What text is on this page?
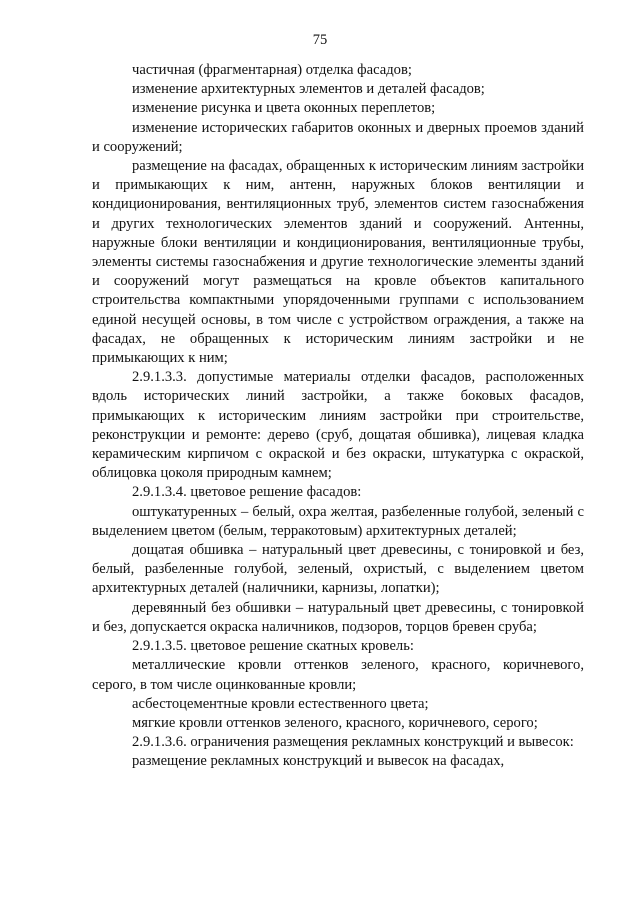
75

частичная (фрагментарная) отделка фасадов;

изменение архитектурных элементов и деталей фасадов;

изменение рисунка и цвета оконных переплетов;

изменение исторических габаритов оконных и дверных проемов зданий и сооружений;

размещение на фасадах, обращенных к историческим линиям застройки и примыкающих к ним, антенн, наружных блоков вентиляции и кондиционирования, вентиляционных труб, элементов систем газоснабжения и других технологических элементов зданий и сооружений. Антенны, наружные блоки вентиляции и кондиционирования, вентиляционные трубы, элементы системы газоснабжения и другие технологические элементы зданий и сооружений могут размещаться на кровле объектов капитального строительства компактными упорядоченными группами с использованием единой несущей основы, в том числе с устройством ограждения, а также на фасадах, не обращенных к историческим линиям застройки и не примыкающих к ним;

2.9.1.3.3. допустимые материалы отделки фасадов, расположенных вдоль исторических линий застройки, а также боковых фасадов, примыкающих к историческим линиям застройки при строительстве, реконструкции и ремонте: дерево (сруб, дощатая обшивка), лицевая кладка керамическим кирпичом с окраской и без окраски, штукатурка с окраской, облицовка цоколя природным камнем;

2.9.1.3.4. цветовое решение фасадов:

оштукатуренных – белый, охра желтая, разбеленные голубой, зеленый с выделением цветом (белым, терракотовым) архитектурных деталей;

дощатая обшивка – натуральный цвет древесины, с тонировкой и без, белый, разбеленные голубой, зеленый, охристый, с выделением цветом архитектурных деталей (наличники, карнизы, лопатки);

деревянный без обшивки – натуральный цвет древесины, с тонировкой и без, допускается окраска наличников, подзоров, торцов бревен сруба;

2.9.1.3.5. цветовое решение скатных кровель:

металлические кровли оттенков зеленого, красного, коричневого, серого, в том числе оцинкованные кровли;

асбестоцементные кровли естественного цвета;

мягкие кровли оттенков зеленого, красного, коричневого, серого;

2.9.1.3.6. ограничения размещения рекламных конструкций и вывесок:

размещение рекламных конструкций и вывесок на фасадах,
